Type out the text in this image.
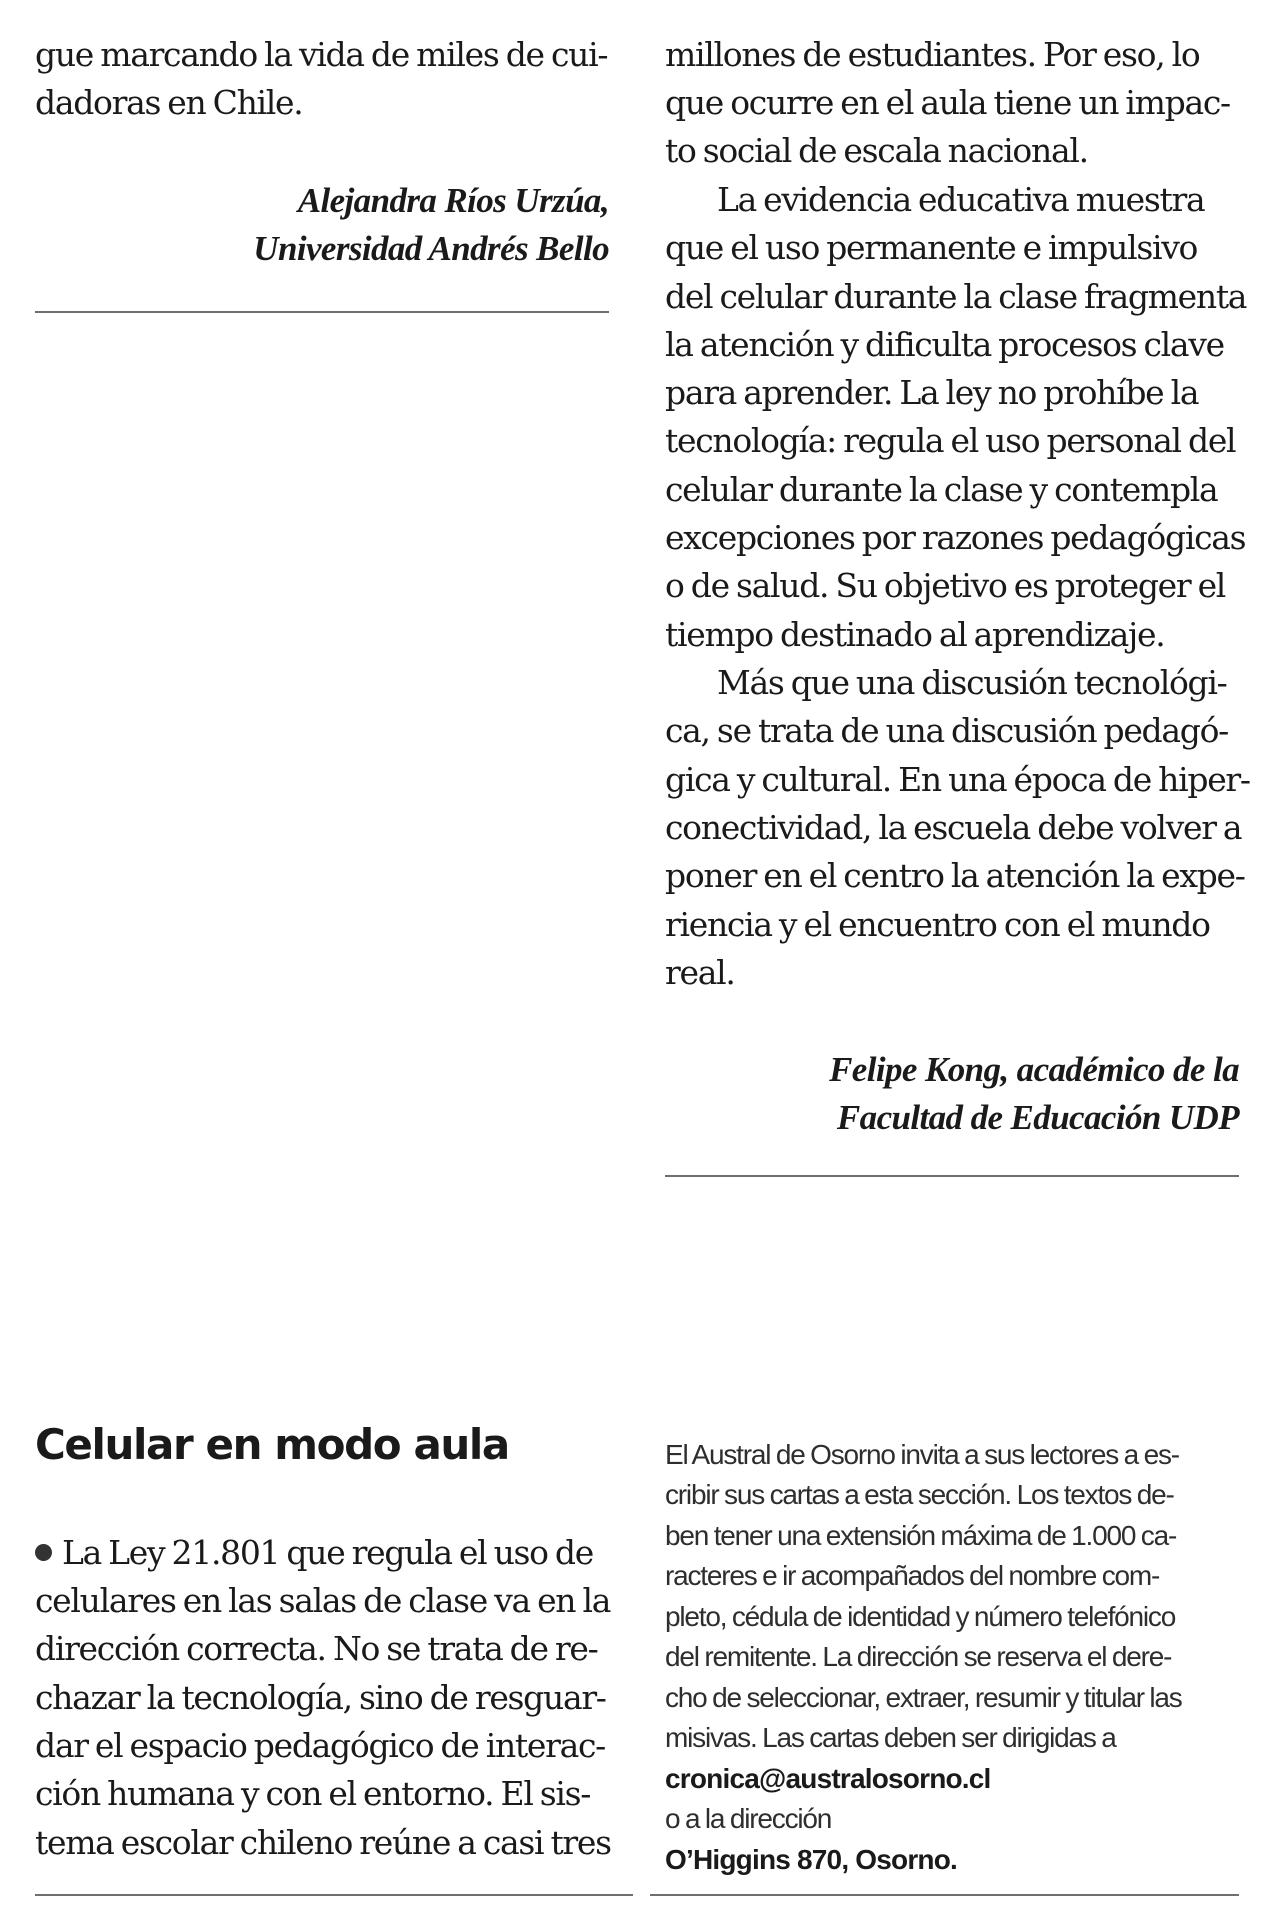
gue marcando la vida de miles de cui-
dadoras en Chile.
Alejandra Ríos Urzúa,
Universidad Andrés Bello
millones de estudiantes. Por eso, lo
que ocurre en el aula tiene un impac-
to social de escala nacional.
La evidencia educativa muestra
que el uso permanente e impulsivo
del celular durante la clase fragmenta
la atención y dificulta procesos clave
para aprender. La ley no prohíbe la
tecnología: regula el uso personal del
celular durante la clase y contempla
excepciones por razones pedagógicas
o de salud. Su objetivo es proteger el
tiempo destinado al aprendizaje.
Más que una discusión tecnológi-
ca, se trata de una discusión pedagó-
gica y cultural. En una época de hiper-
conectividad, la escuela debe volver a
poner en el centro la atención la expe-
riencia y el encuentro con el mundo
real.
Felipe Kong, académico de la
Facultad de Educación UDP
Celular en modo aula
La Ley 21.801 que regula el uso de
celulares en las salas de clase va en la
dirección correcta. No se trata de re-
chazar la tecnología, sino de resguar-
dar el espacio pedagógico de interac-
ción humana y con el entorno. El sis-
tema escolar chileno reúne a casi tres
El Austral de Osorno invita a sus lectores a es-
cribir sus cartas a esta sección. Los textos de-
ben tener una extensión máxima de 1.000 ca-
racteres e ir acompañados del nombre com-
pleto, cédula de identidad y número telefónico
del remitente. La dirección se reserva el dere-
cho de seleccionar, extraer, resumir y titular las
misivas. Las cartas deben ser dirigidas a
cronica@australosorno.cl
o a la dirección
O’Higgins 870, Osorno.
